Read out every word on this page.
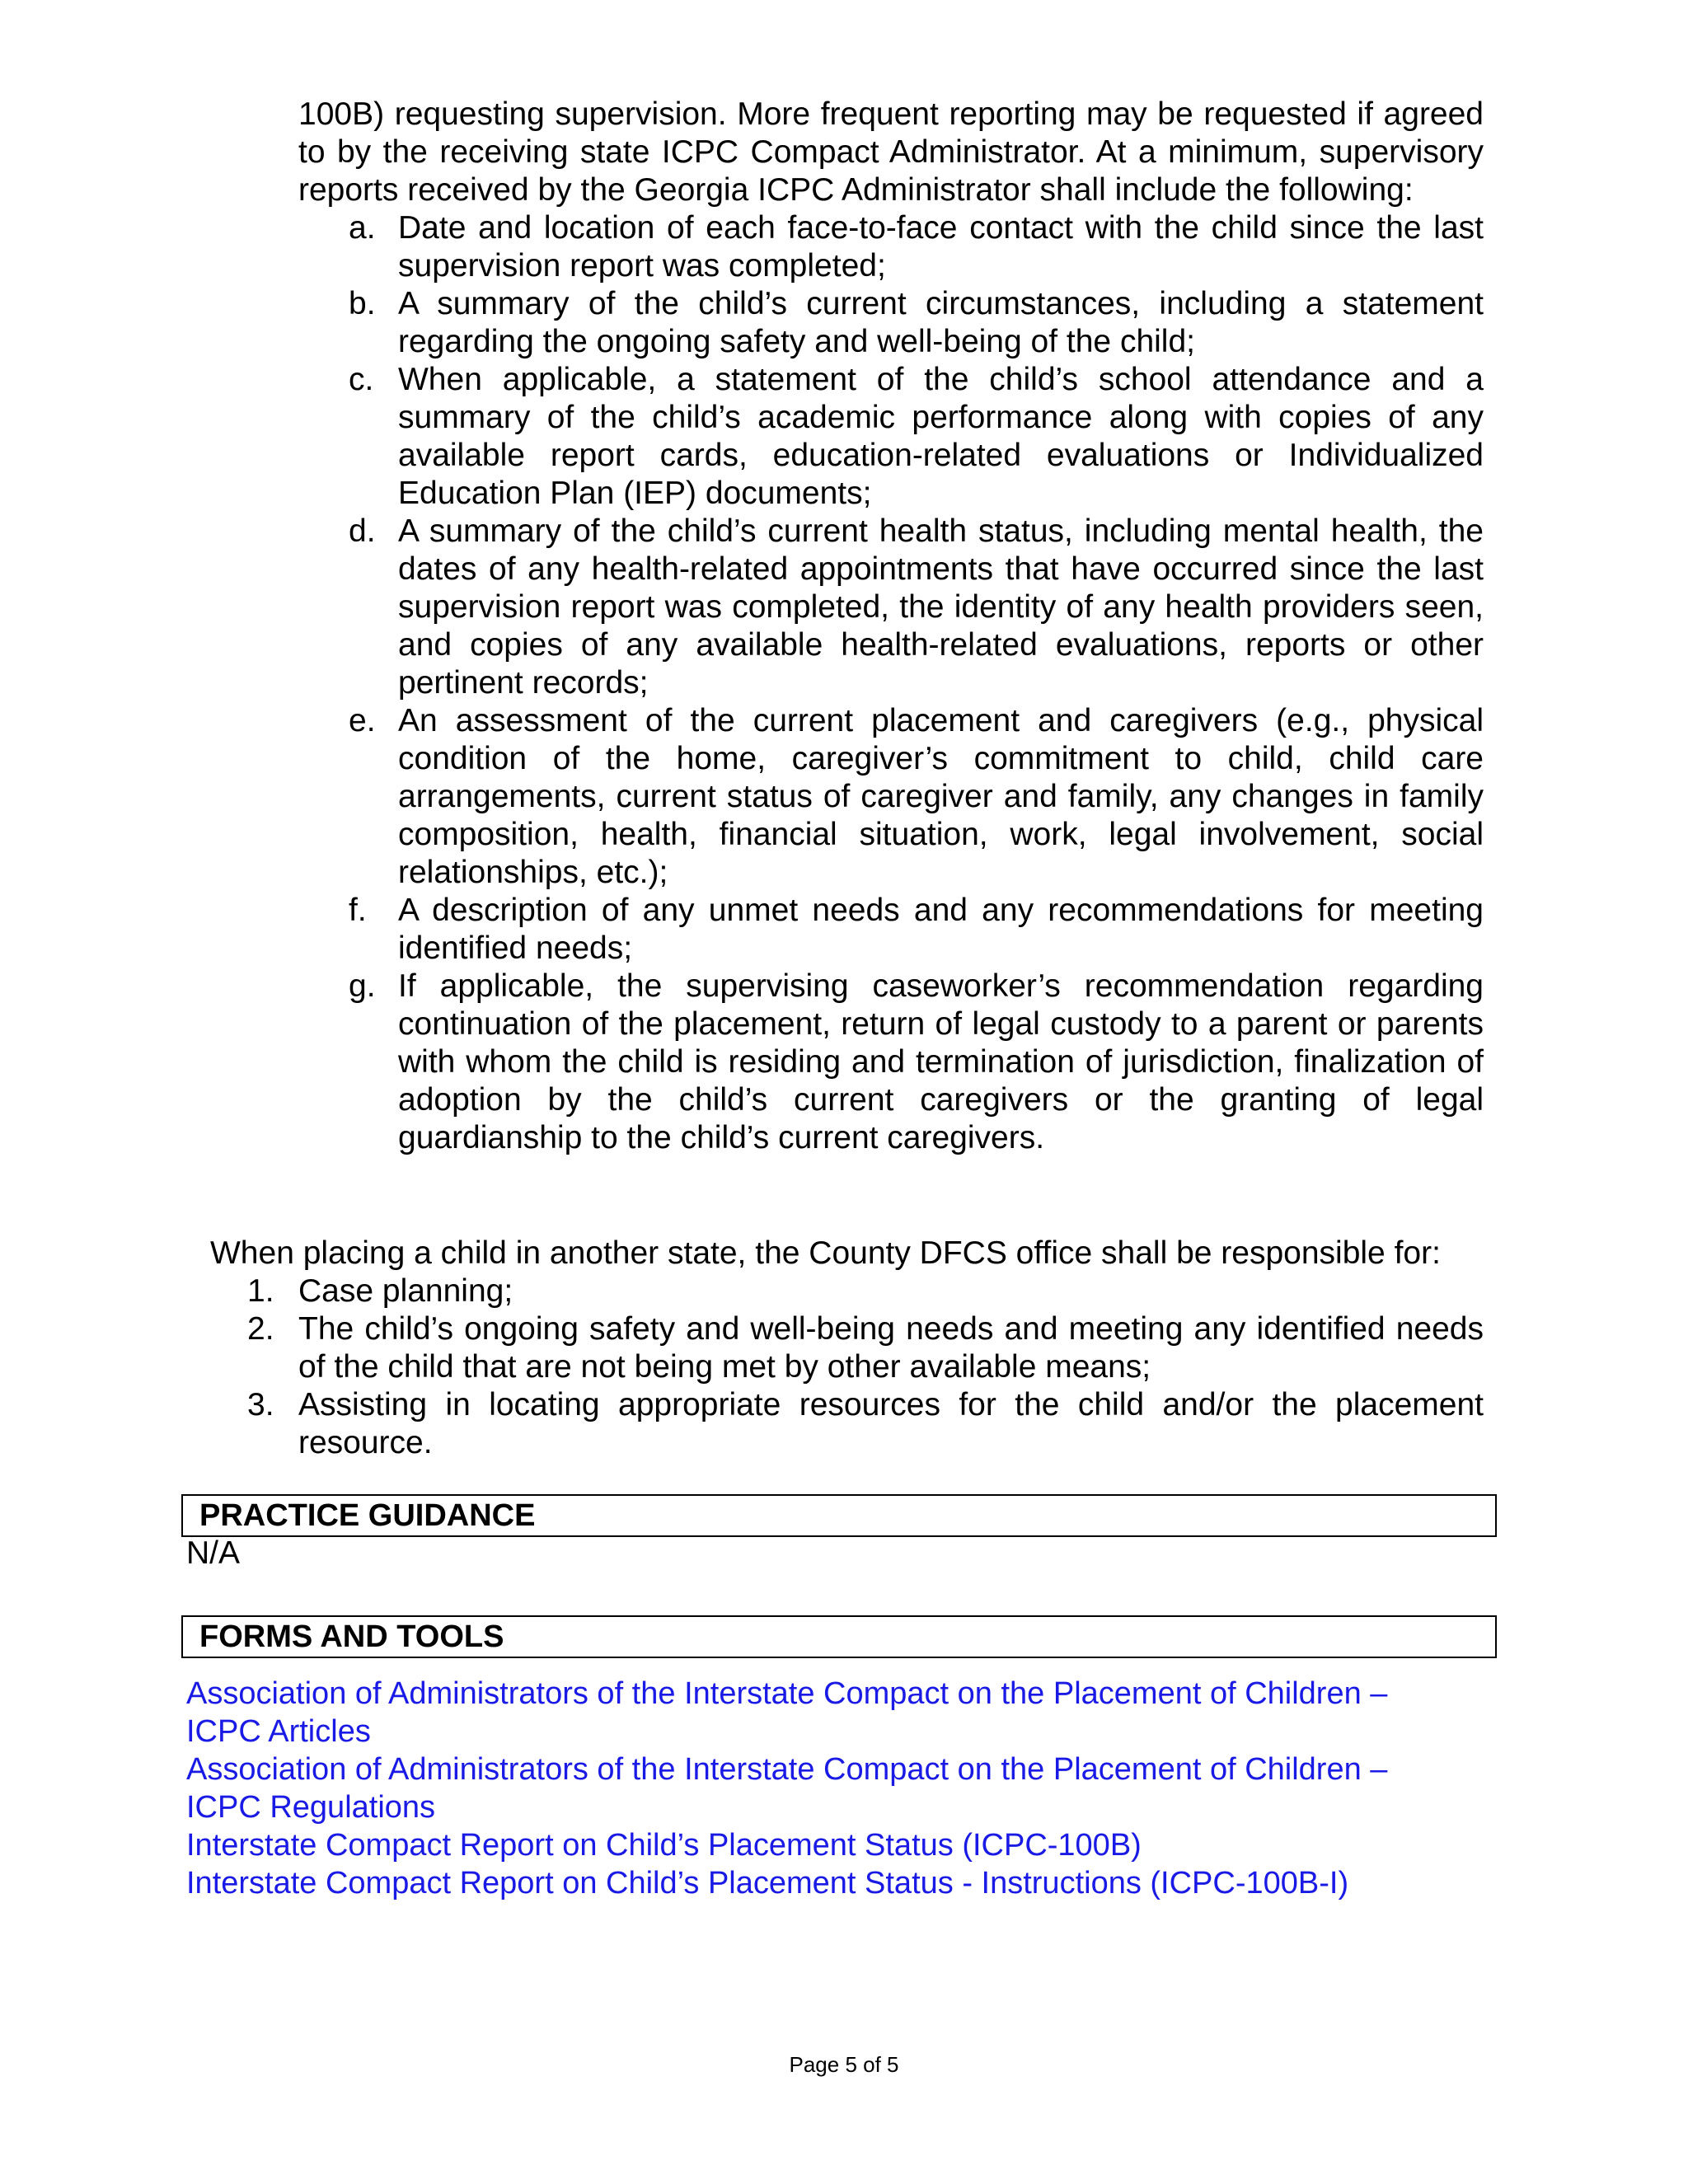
100B) requesting supervision. More frequent reporting may be requested if agreed to by the receiving state ICPC Compact Administrator. At a minimum, supervisory reports received by the Georgia ICPC Administrator shall include the following:

a. Date and location of each face-to-face contact with the child since the last supervision report was completed;
b. A summary of the child’s current circumstances, including a statement regarding the ongoing safety and well-being of the child;
c. When applicable, a statement of the child’s school attendance and a summary of the child’s academic performance along with copies of any available report cards, education-related evaluations or Individualized Education Plan (IEP) documents;
d. A summary of the child’s current health status, including mental health, the dates of any health-related appointments that have occurred since the last supervision report was completed, the identity of any health providers seen, and copies of any available health-related evaluations, reports or other pertinent records;
e. An assessment of the current placement and caregivers (e.g., physical condition of the home, caregiver’s commitment to child, child care arrangements, current status of caregiver and family, any changes in family composition, health, financial situation, work, legal involvement, social relationships, etc.);
f. A description of any unmet needs and any recommendations for meeting identified needs;
g. If applicable, the supervising caseworker’s recommendation regarding continuation of the placement, return of legal custody to a parent or parents with whom the child is residing and termination of jurisdiction, finalization of adoption by the child’s current caregivers or the granting of legal guardianship to the child’s current caregivers.

When placing a child in another state, the County DFCS office shall be responsible for:

1. Case planning;
2. The child’s ongoing safety and well-being needs and meeting any identified needs of the child that are not being met by other available means;
3. Assisting in locating appropriate resources for the child and/or the placement resource.
PRACTICE GUIDANCE
N/A
FORMS AND TOOLS
Association of Administrators of the Interstate Compact on the Placement of Children –
ICPC Articles
Association of Administrators of the Interstate Compact on the Placement of Children –
ICPC Regulations
Interstate Compact Report on Child’s Placement Status (ICPC-100B)
Interstate Compact Report on Child’s Placement Status - Instructions (ICPC-100B-I)
Page 5 of 5
